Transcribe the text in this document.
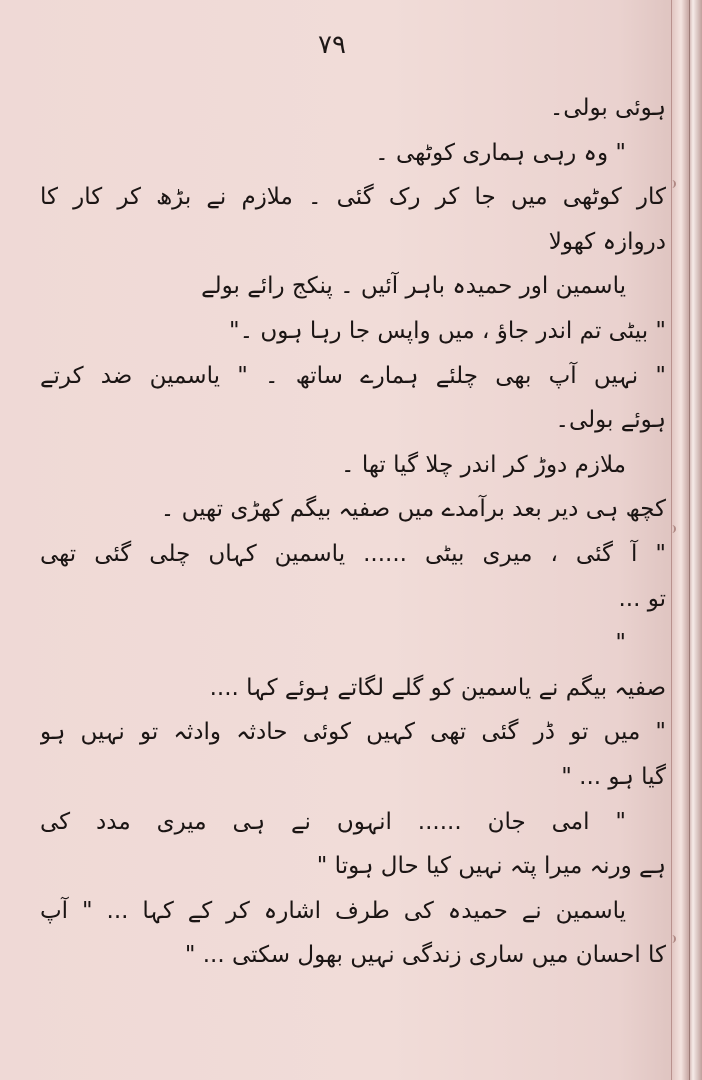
۷۹
ہوئی بولی۔
" وہ رہی ہماری کوٹھی ۔
کار کوٹھی میں جا کر رک گئی ۔ ملازم نے بڑھ کر کار کا
دروازہ کھولا
یاسمین اور حمیدہ باہر آئیں ۔ پنکج رائے بولے
" بیٹی تم اندر جاؤ ، میں واپس جا رہا ہوں ۔"
" نہیں آپ بھی چلئے ہمارے ساتھ ۔ " یاسمین ضد کرتے
ہوئے بولی۔
ملازم دوڑ کر اندر چلا گیا تھا ۔
کچھ ہی دیر بعد برآمدے میں صفیہ بیگم کھڑی تھیں ۔
" آ گئی ، میری بیٹی ...... یاسمین کہاں چلی گئی تھی
تو ...
"
صفیہ بیگم نے یاسمین کو گلے لگاتے ہوئے کہا ....
" میں تو ڈر گئی تھی کہیں کوئی حادثہ وادثہ تو نہیں ہو
گیا ہو ... "
" امی جان ...... انہوں نے ہی میری مدد کی
ہے ورنہ میرا پتہ نہیں کیا حال ہوتا "
یاسمین نے حمیدہ کی طرف اشارہ کر کے کہا ... " آپ
کا احسان میں ساری زندگی نہیں بھول سکتی ... "
